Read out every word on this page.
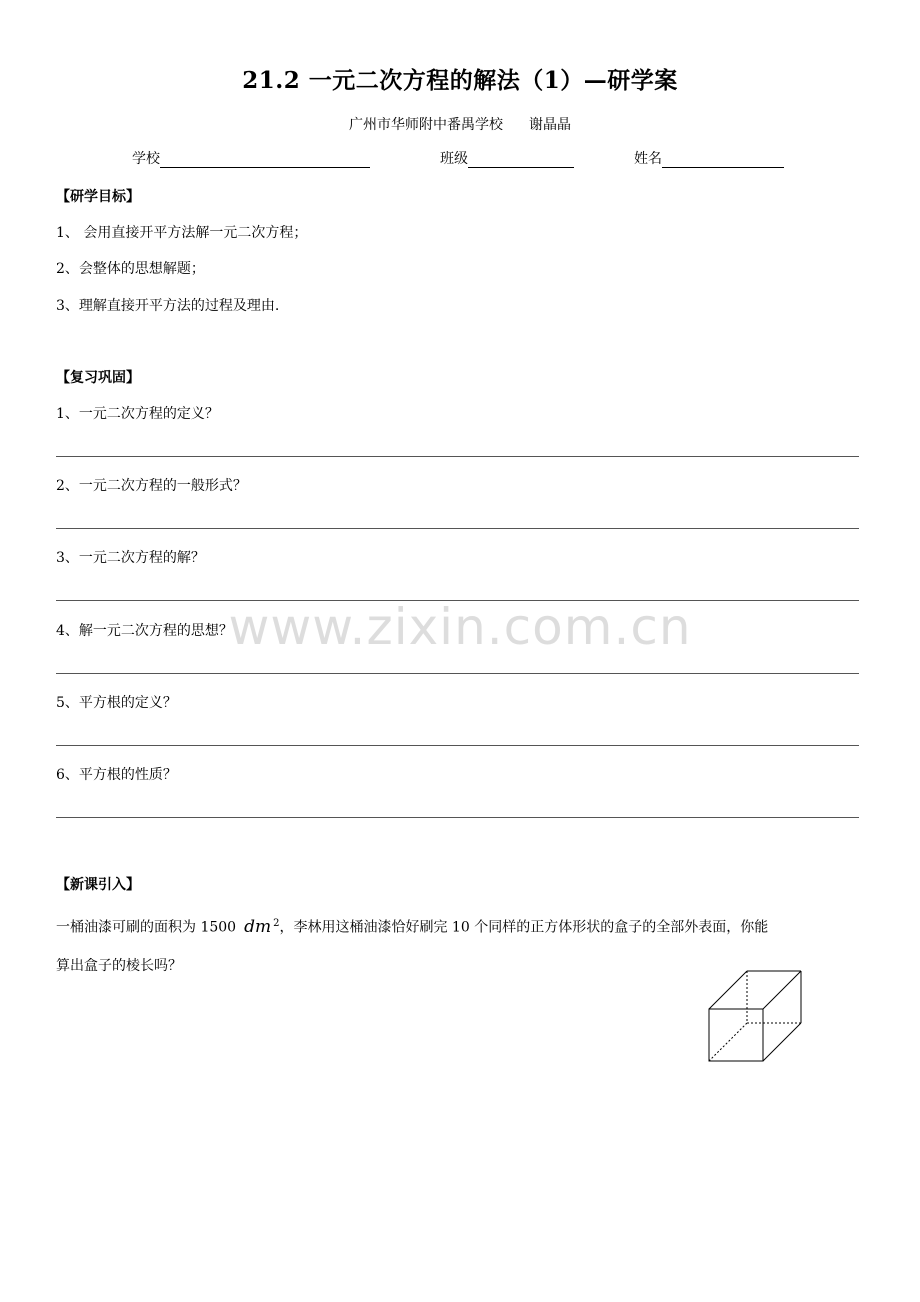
21.2 一元二次方程的解法（1）—研学案
广州市华师附中番禺学校 谢晶晶
学校	班级	姓名
【研学目标】
1、 会用直接开平方法解一元二次方程；
2、会整体的思想解题；
3、理解直接开平方法的过程及理由.
【复习巩固】
1、一元二次方程的定义？
2、一元二次方程的一般形式？
3、一元二次方程的解？
4、解一元二次方程的思想？
5、平方根的定义？
6、平方根的性质？
www.zixin.com.cn
【新课引入】
一桶油漆可刷的面积为 1500 dm $^2$，李林用这桶油漆恰好刷完 10 个同样的正方体形状的盒子的全部外表面，你能
算出盒子的棱长吗？
